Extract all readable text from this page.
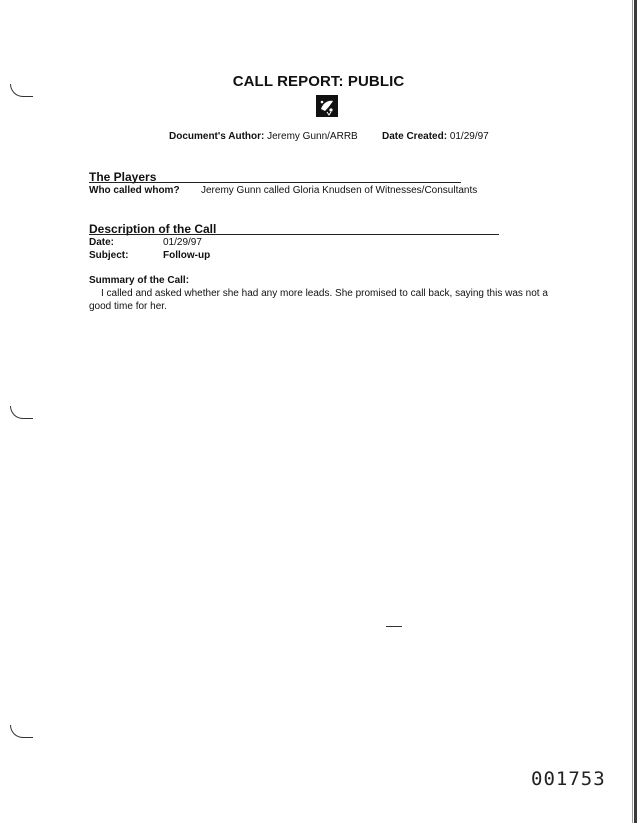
CALL REPORT: PUBLIC
Document's Author: Jeremy Gunn/ARRB Date Created: 01/29/97
The Players
Who called whom? Jeremy Gunn called Gloria Knudsen of Witnesses/Consultants
Description of the Call
Date:	01/29/97
Subject:	Follow-up
Summary of the Call:
I called and asked whether she had any more leads. She promised to call back, saying this was not a
good time for her.
001753
